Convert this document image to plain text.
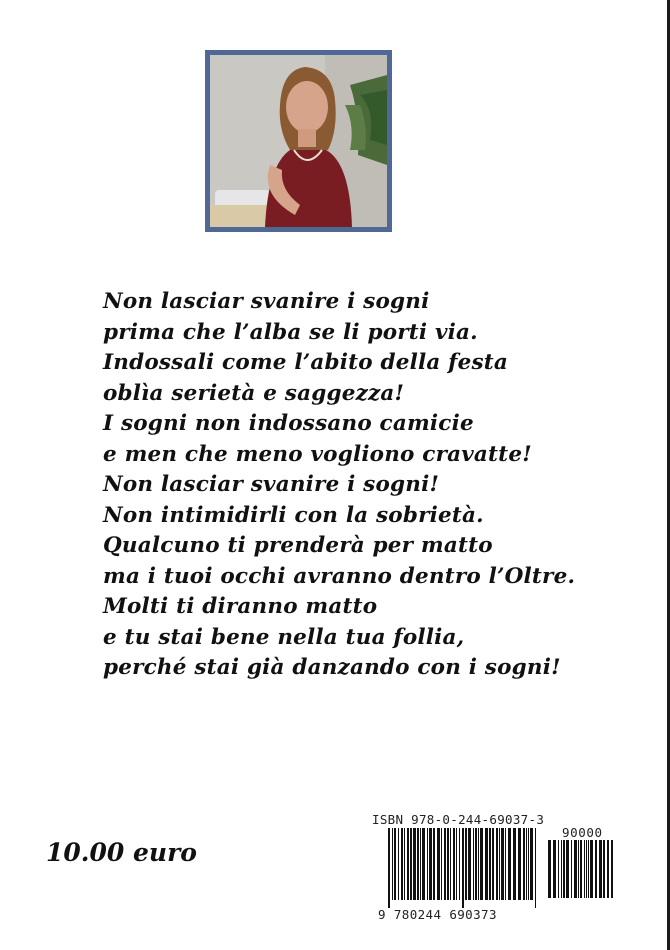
Non lasciar svanire i sogni
prima che l’alba se li porti via.
Indossali come l’abito della festa
oblìa serietà e saggezza!
I sogni non indossano camicie
e men che meno vogliono cravatte!
Non lasciar svanire i sogni!
Non intimidirli con la sobrietà.
Qualcuno ti prenderà per matto
ma i tuoi occhi avranno dentro l’Oltre.
Molti ti diranno matto
e tu stai bene nella tua follia,
perché stai già danzando con i sogni!
10.00 euro
ISBN 978-0-244-69037-3
90000
9 780244 690373
